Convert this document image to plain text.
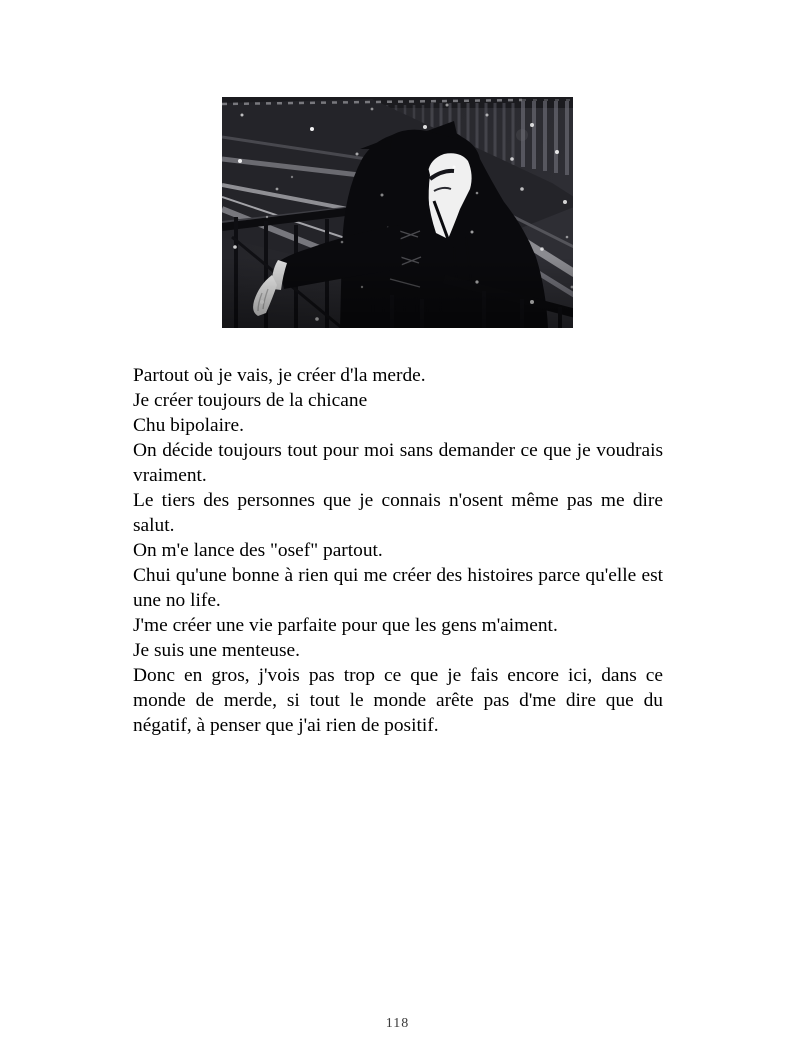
Partout où je vais, je créer d'la merde.
Je créer toujours de la chicane
Chu bipolaire.
On décide toujours tout pour moi sans demander ce que je voudrais
vraiment.
Le tiers des personnes que je connais n'osent même pas me dire
salut.
On m'e lance des "osef" partout.
Chui qu'une bonne à rien qui me créer des histoires parce qu'elle est
une no life.
J'me créer une vie parfaite pour que les gens m'aiment.
Je suis une menteuse.
Donc en gros, j'vois pas trop ce que je fais encore ici, dans ce
monde de merde, si tout le monde arête pas d'me dire que du
négatif, à penser que j'ai rien de positif.
118
